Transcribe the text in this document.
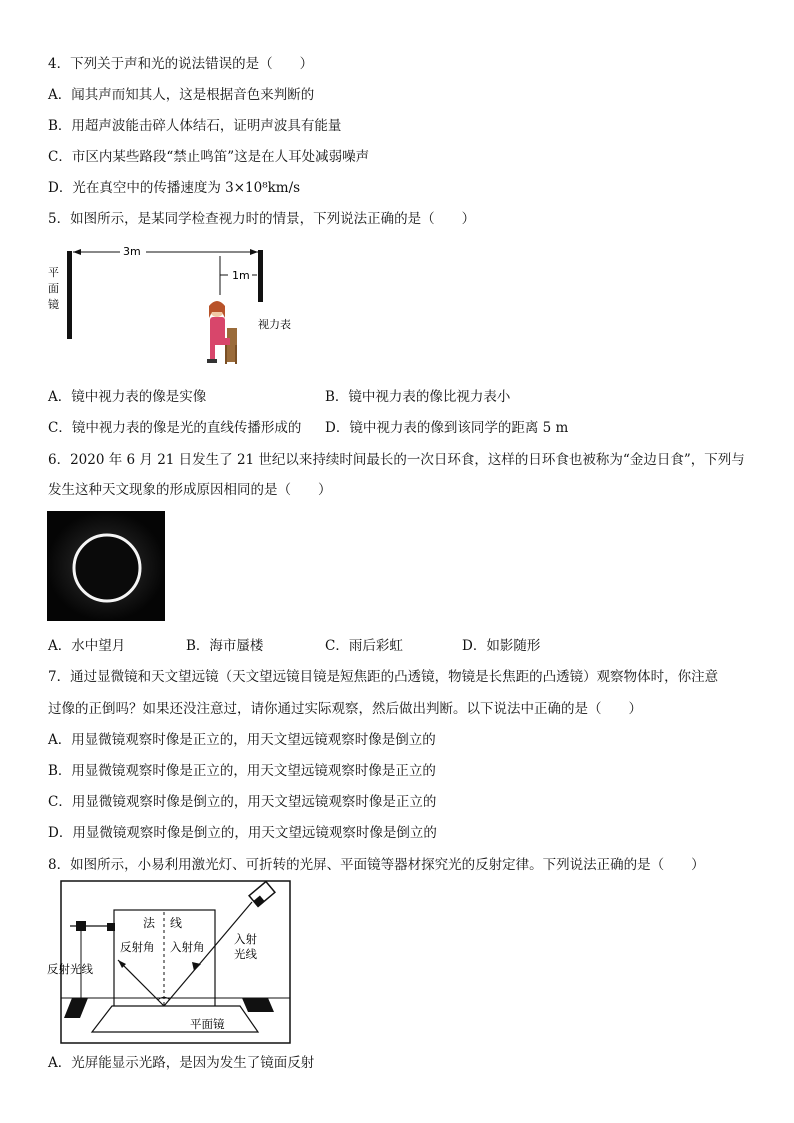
4．下列关于声和光的说法错误的是（　　）
A．闻其声而知其人，这是根据音色来判断的
B．用超声波能击碎人体结石，证明声波具有能量
C．市区内某些路段“禁止鸣笛”这是在人耳处减弱噪声
D．光在真空中的传播速度为 3×10⁸km/s
5．如图所示，是某同学检查视力时的情景，下列说法正确的是（　　）
平
面
镜
3m
1m
视力表
A．镜中视力表的像是实像	B．镜中视力表的像比视力表小
C．镜中视力表的像是光的直线传播形成的 D．镜中视力表的像到该同学的距离 5 m
6．2020 年 6 月 21 日发生了 21 世纪以来持续时间最长的一次日环食，这样的日环食也被称为“金边日食”，下列与
发生这种天文现象的形成原因相同的是（　　）
A．水中望月	B．海市蜃楼	C．雨后彩虹	D．如影随形
7．通过显微镜和天文望远镜（天文望远镜目镜是短焦距的凸透镜，物镜是长焦距的凸透镜）观察物体时，你注意
过像的正倒吗？如果还没注意过，请你通过实际观察，然后做出判断。以下说法中正确的是（　　）
A．用显微镜观察时像是正立的，用天文望远镜观察时像是倒立的
B．用显微镜观察时像是正立的，用天文望远镜观察时像是正立的
C．用显微镜观察时像是倒立的，用天文望远镜观察时像是正立的
D．用显微镜观察时像是倒立的，用天文望远镜观察时像是倒立的
8．如图所示，小易利用激光灯、可折转的光屏、平面镜等器材探究光的反射定律。下列说法正确的是（　　）
法 线
反射角 入射角
入射
光线
反射光线
平面镜
A．光屏能显示光路，是因为发生了镜面反射
